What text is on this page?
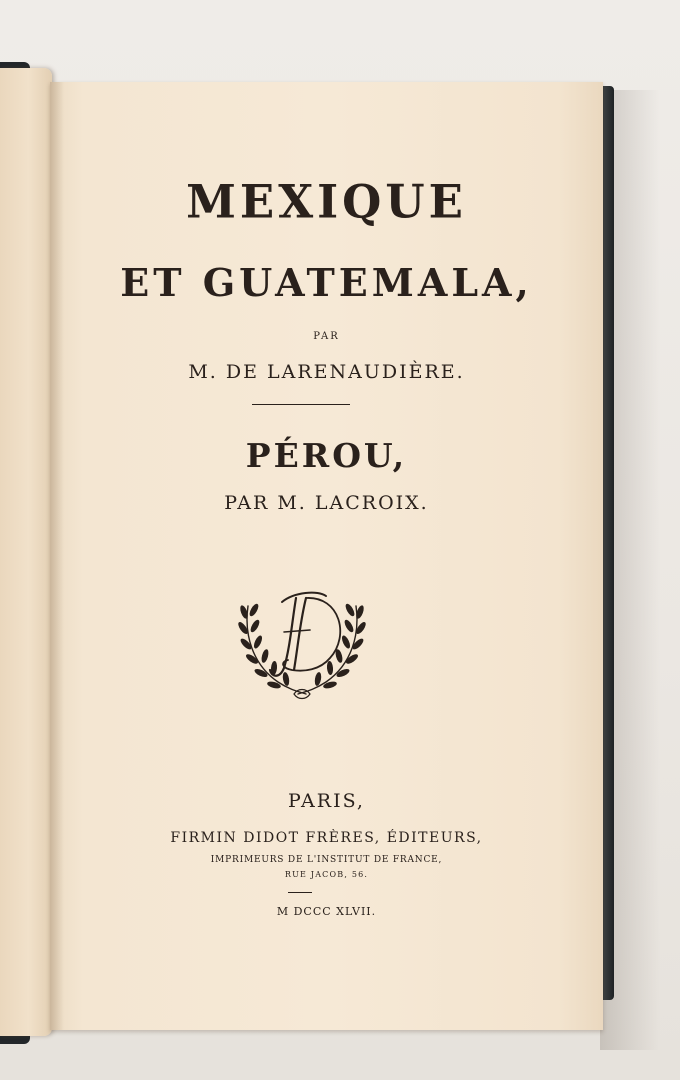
MEXIQUE
ET GUATEMALA,
PAR
M. DE LARENAUDIÈRE.
PÉROU,
PAR M. LACROIX.
PARIS,
FIRMIN DIDOT FRÈRES, ÉDITEURS,
IMPRIMEURS DE L'INSTITUT DE FRANCE,
RUE JACOB, 56.
M DCCC XLVII.
